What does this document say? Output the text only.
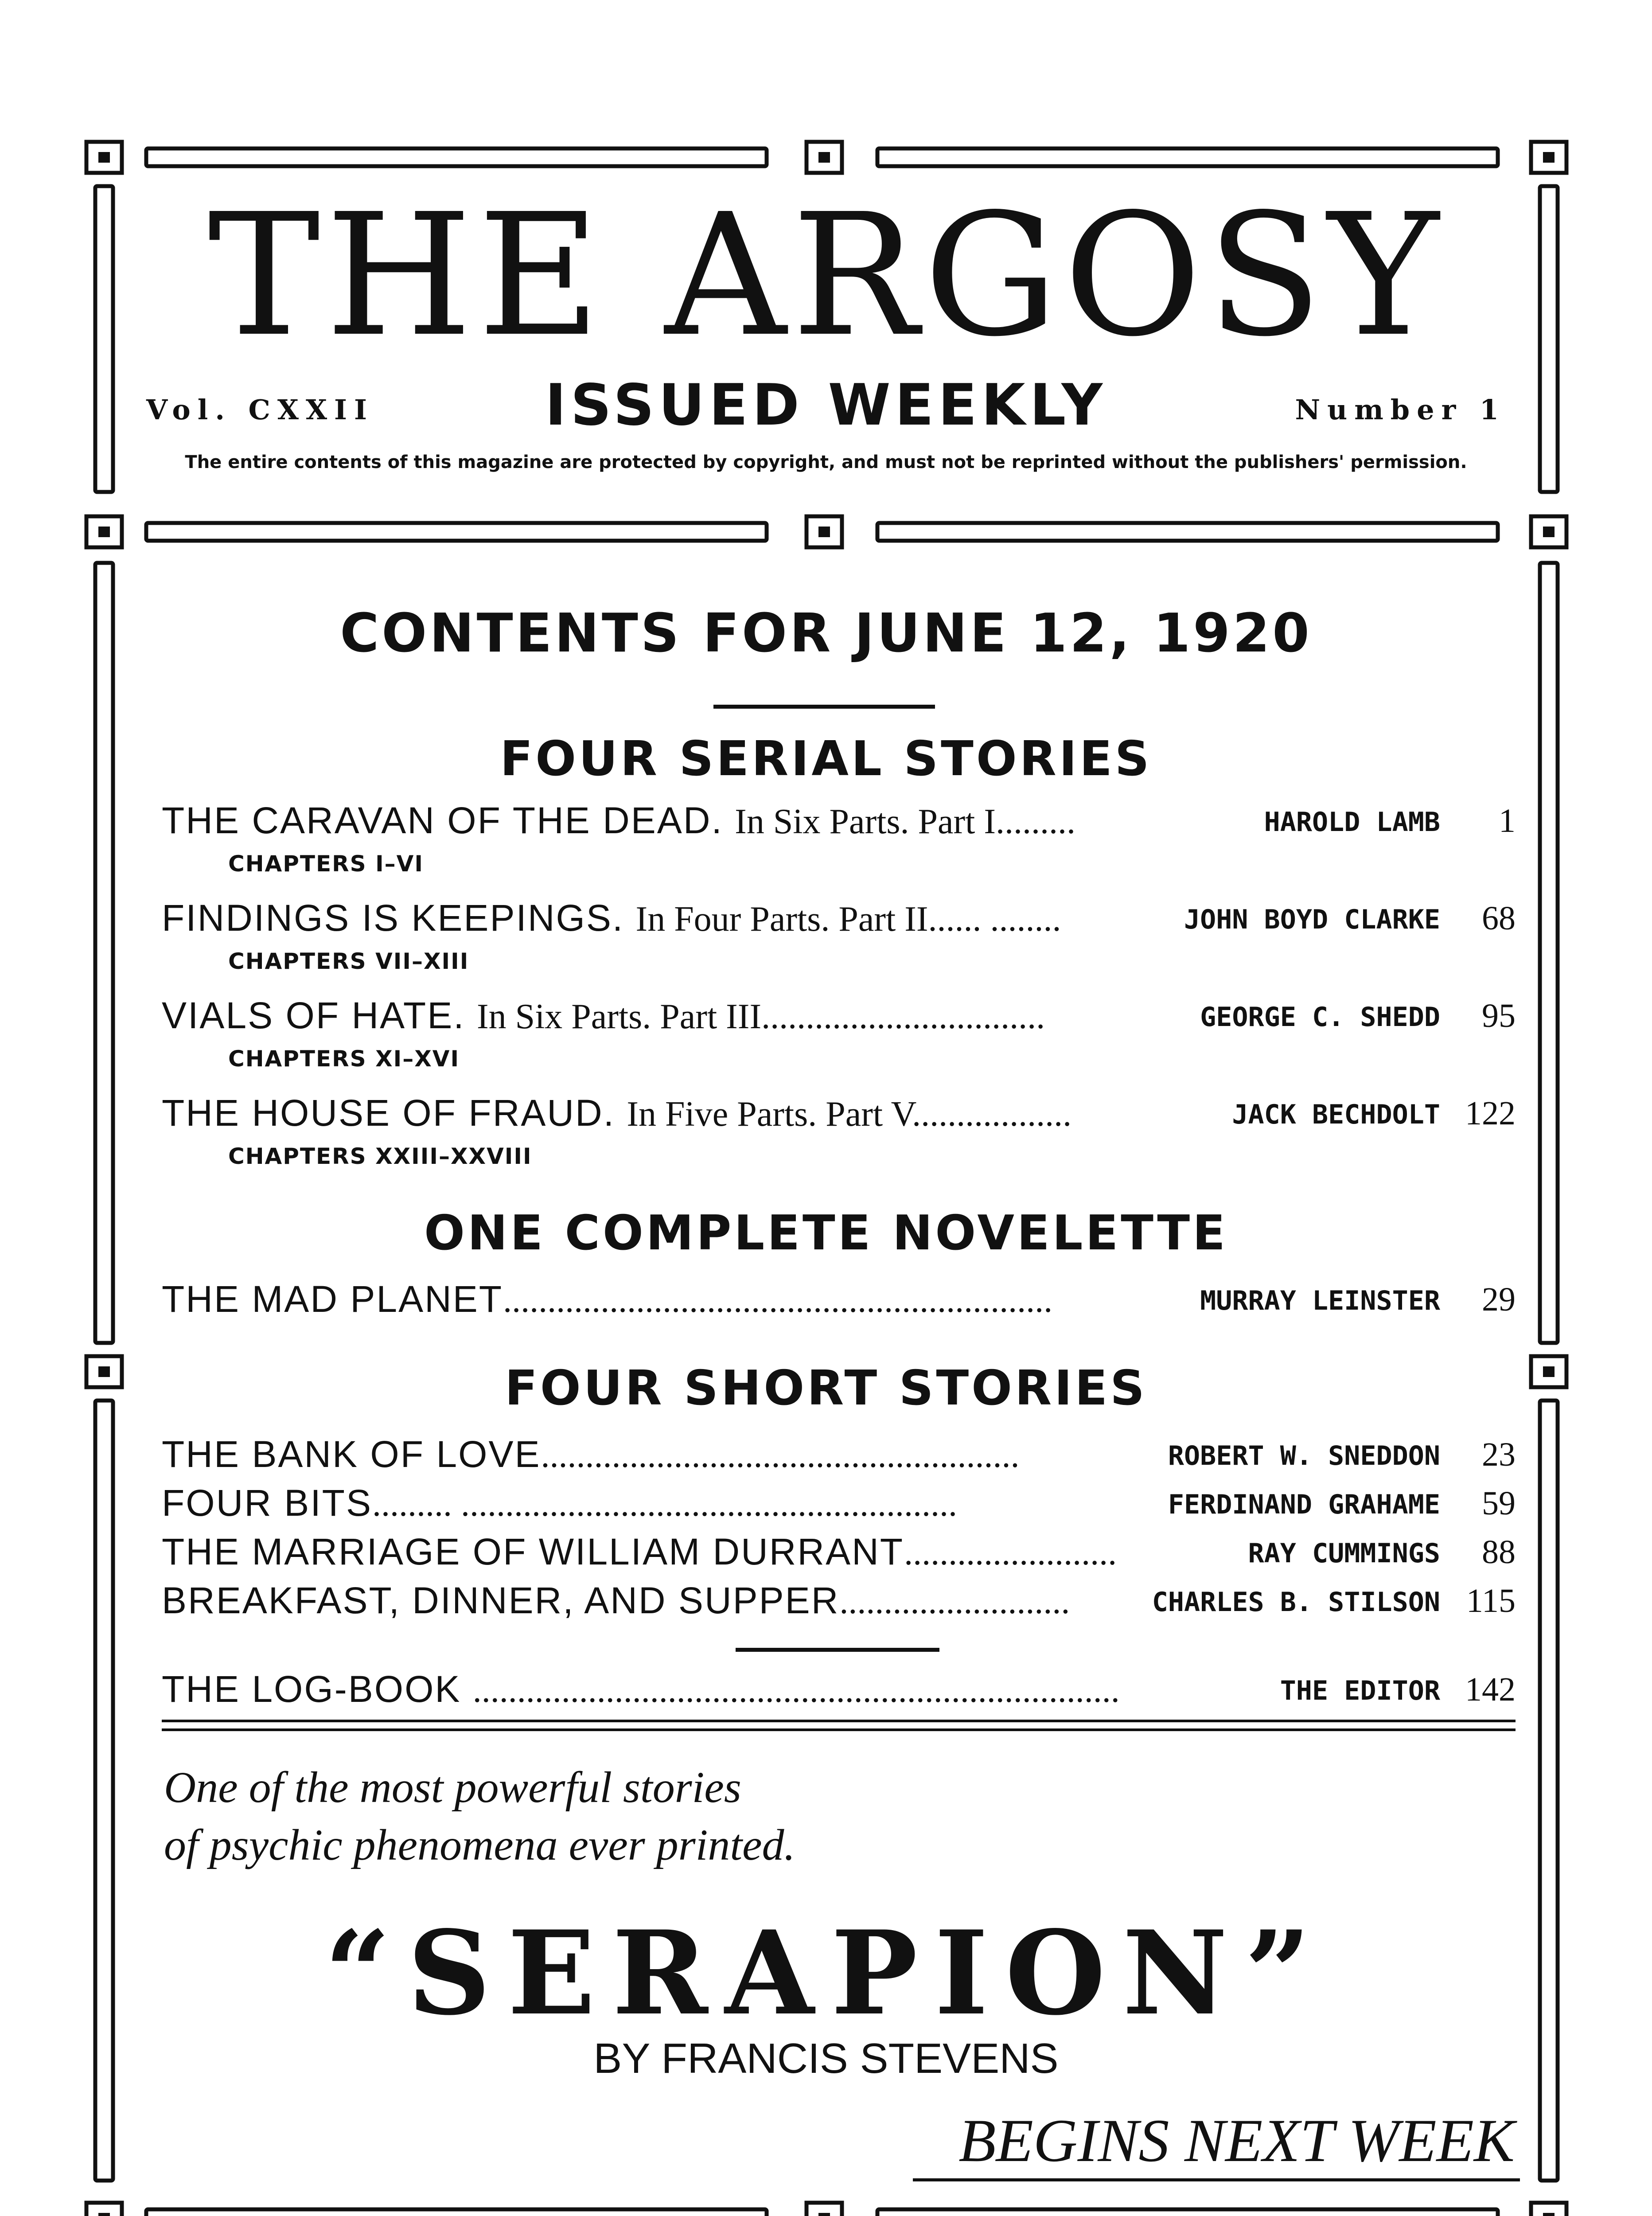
THE ARGOSY
Vol. CXXII	ISSUED WEEKLY	Number 1
The entire contents of this magazine are protected by copyright, and must not be reprinted without the publishers' permission.
CONTENTS FOR JUNE 12, 1920
FOUR SERIAL STORIES
THE CARAVAN OF THE DEAD. In Six Parts. Part I.........	HAROLD LAMB 1
CHAPTERS I–VI
FINDINGS IS KEEPINGS. In Four Parts. Part II...... ........	JOHN BOYD CLARKE 68
CHAPTERS VII–XIII
VIALS OF HATE. In Six Parts. Part III................................	GEORGE C. SHEDD 95
CHAPTERS XI–XVI
THE HOUSE OF FRAUD. In Five Parts. Part V..................	JACK BECHDOLT 122
CHAPTERS XXIII–XXVIII
ONE COMPLETE NOVELETTE
THE MAD PLANET..............................................................	MURRAY LEINSTER 29
FOUR SHORT STORIES
THE BANK OF LOVE......................................................	ROBERT W. SNEDDON 23
FOUR BITS......... ........................................................	FERDINAND GRAHAME 59
THE MARRIAGE OF WILLIAM DURRANT........................	RAY CUMMINGS 88
BREAKFAST, DINNER, AND SUPPER..........................	CHARLES B. STILSON 115
THE LOG-BOOK .........................................................................	THE EDITOR 142
One of the most powerful stories
of psychic phenomena ever printed.
“SERAPION”
BY FRANCIS STEVENS
BEGINS NEXT WEEK
